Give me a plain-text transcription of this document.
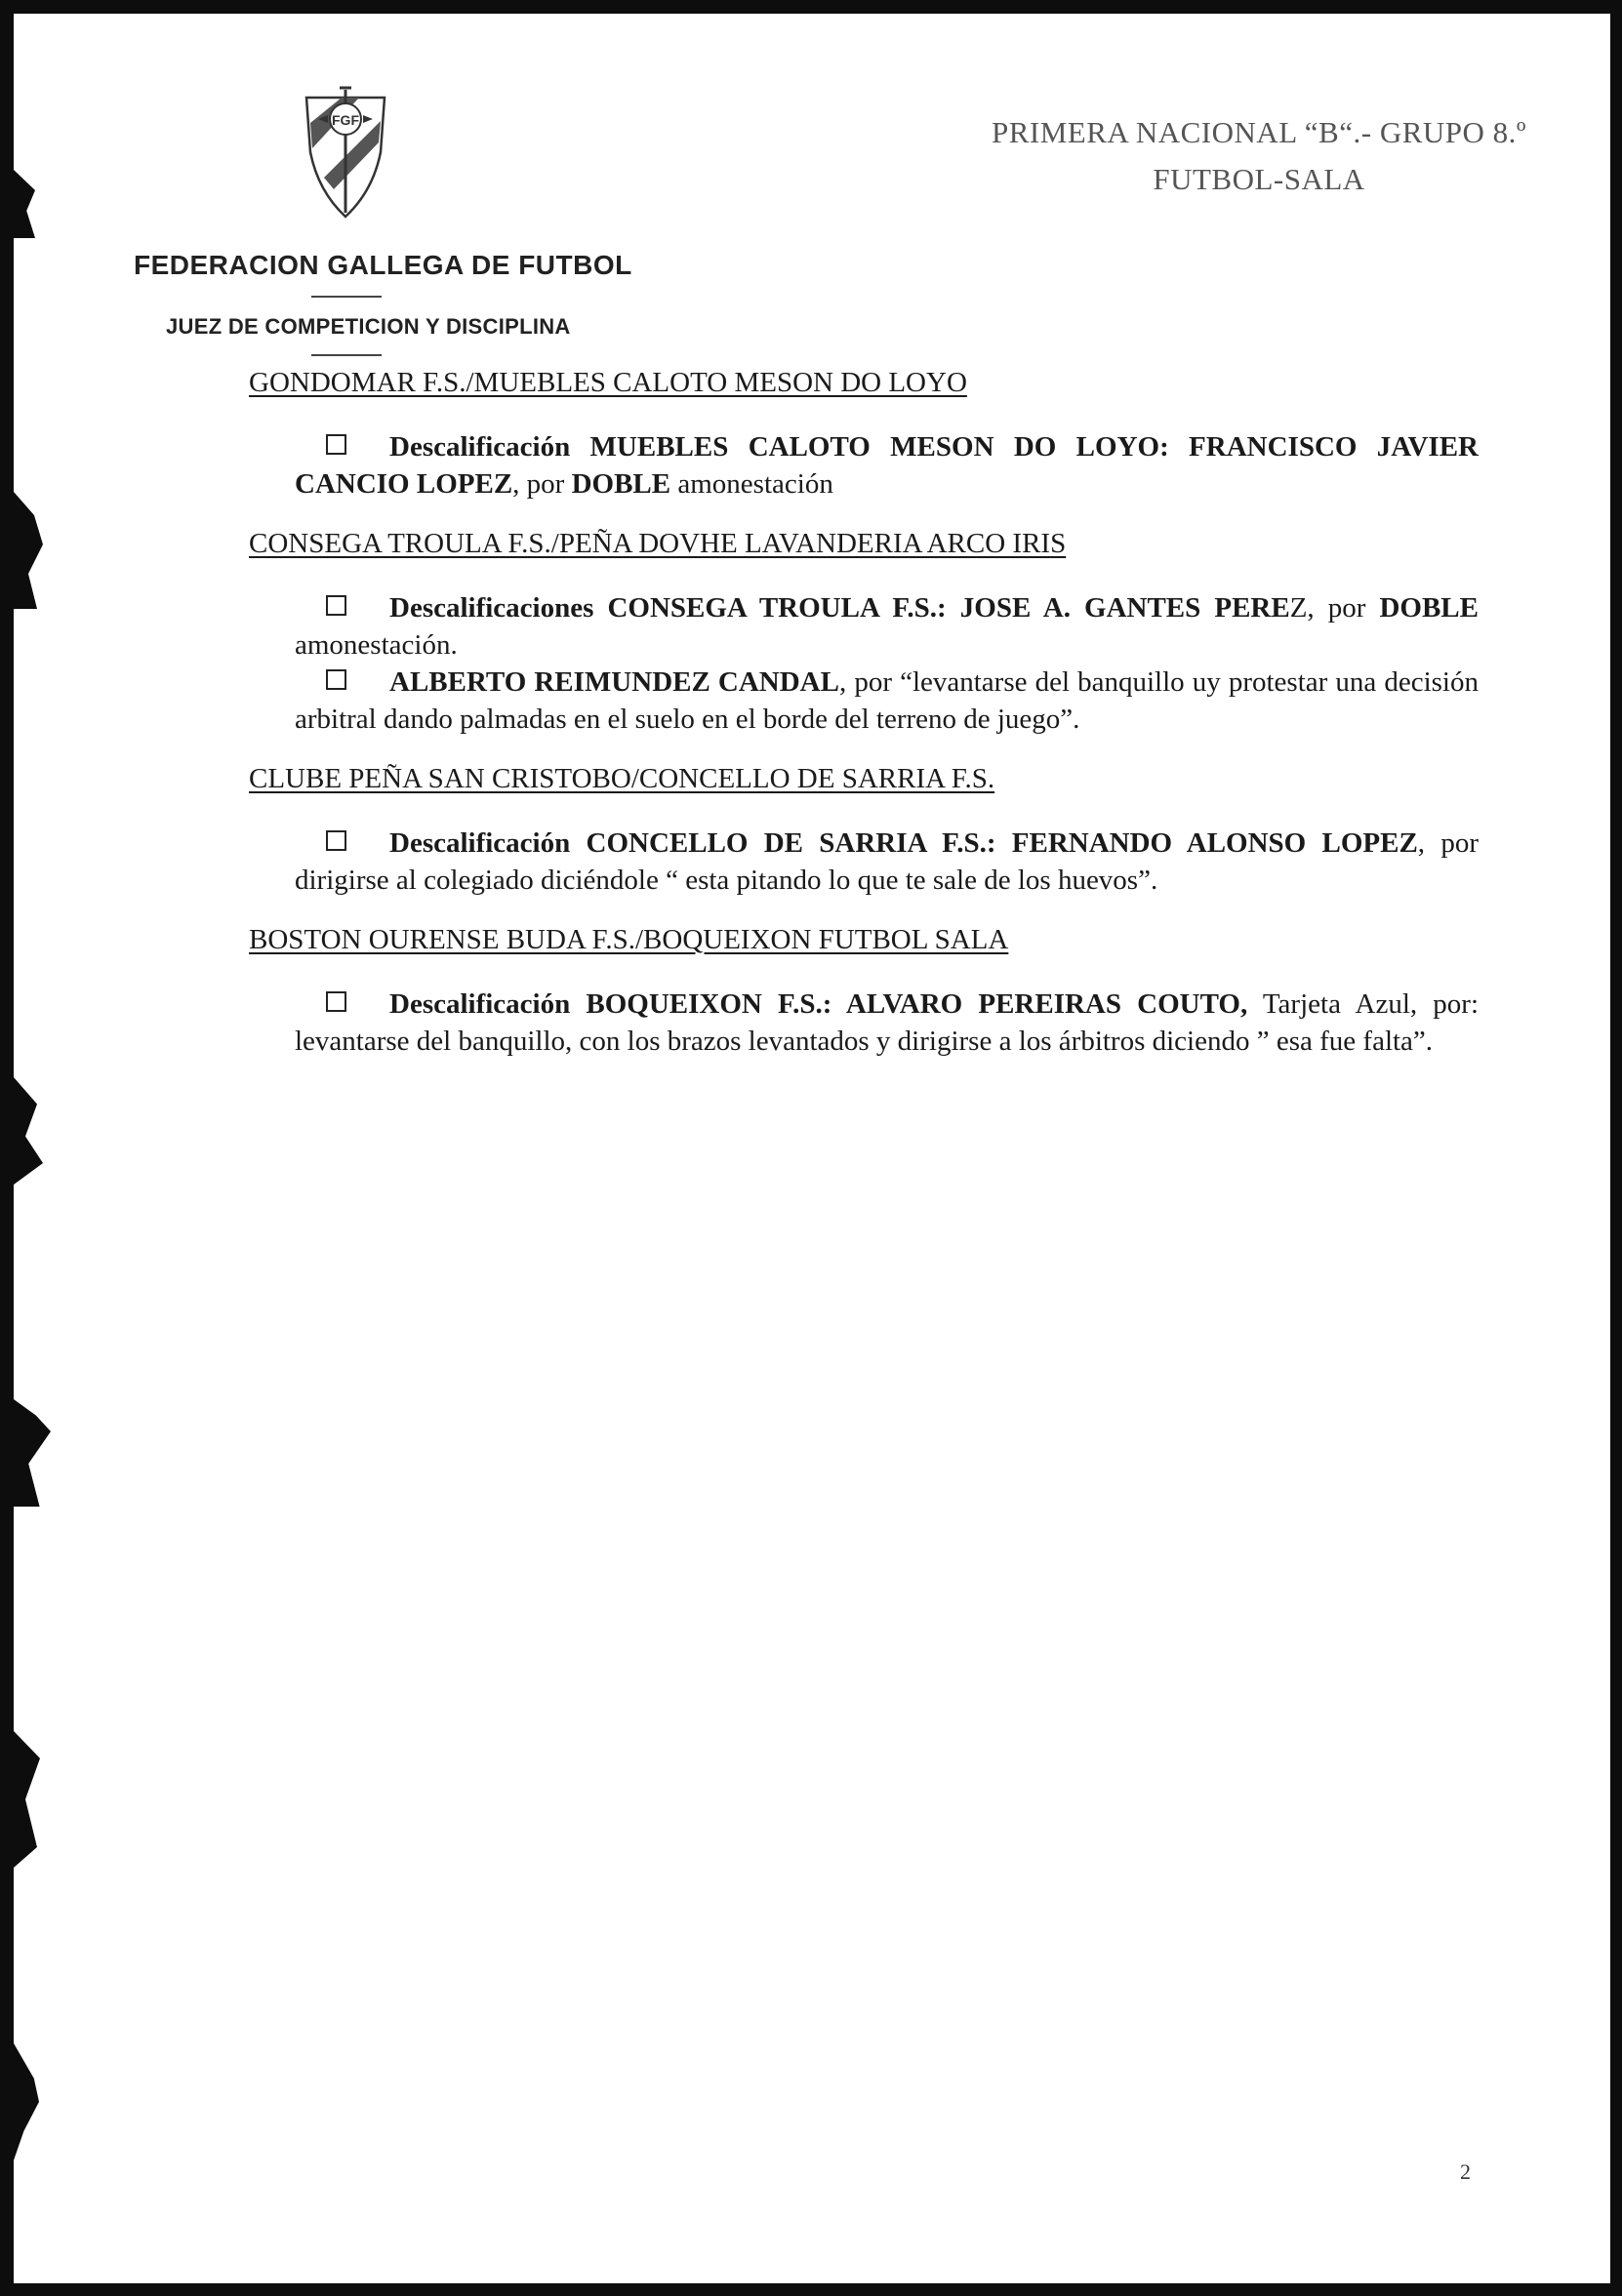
FGF
FEDERACION GALLEGA DE FUTBOL
JUEZ DE COMPETICION Y DISCIPLINA
PRIMERA NACIONAL “B“.- GRUPO 8.º
FUTBOL-SALA
GONDOMAR F.S./MUEBLES CALOTO MESON DO LOYO
Descalificación MUEBLES CALOTO MESON DO LOYO: FRANCISCO JAVIER CANCIO LOPEZ, por DOBLE amonestación
CONSEGA TROULA F.S./PEÑA DOVHE LAVANDERIA ARCO IRIS
Descalificaciones CONSEGA TROULA F.S.: JOSE A. GANTES PEREZ, por DOBLE amonestación.
ALBERTO REIMUNDEZ CANDAL, por “levantarse del banquillo uy protestar una decisión arbitral dando palmadas en el suelo en el borde del terreno de juego”.
CLUBE PEÑA SAN CRISTOBO/CONCELLO DE SARRIA F.S.
Descalificación CONCELLO DE SARRIA F.S.: FERNANDO ALONSO LOPEZ, por dirigirse al colegiado diciéndole “ esta pitando lo que te sale de los huevos”.
BOSTON OURENSE BUDA F.S./BOQUEIXON FUTBOL SALA
Descalificación BOQUEIXON F.S.: ALVARO PEREIRAS COUTO, Tarjeta Azul, por: levantarse del banquillo, con los brazos levantados y dirigirse a los árbitros diciendo ” esa fue falta”.
2
